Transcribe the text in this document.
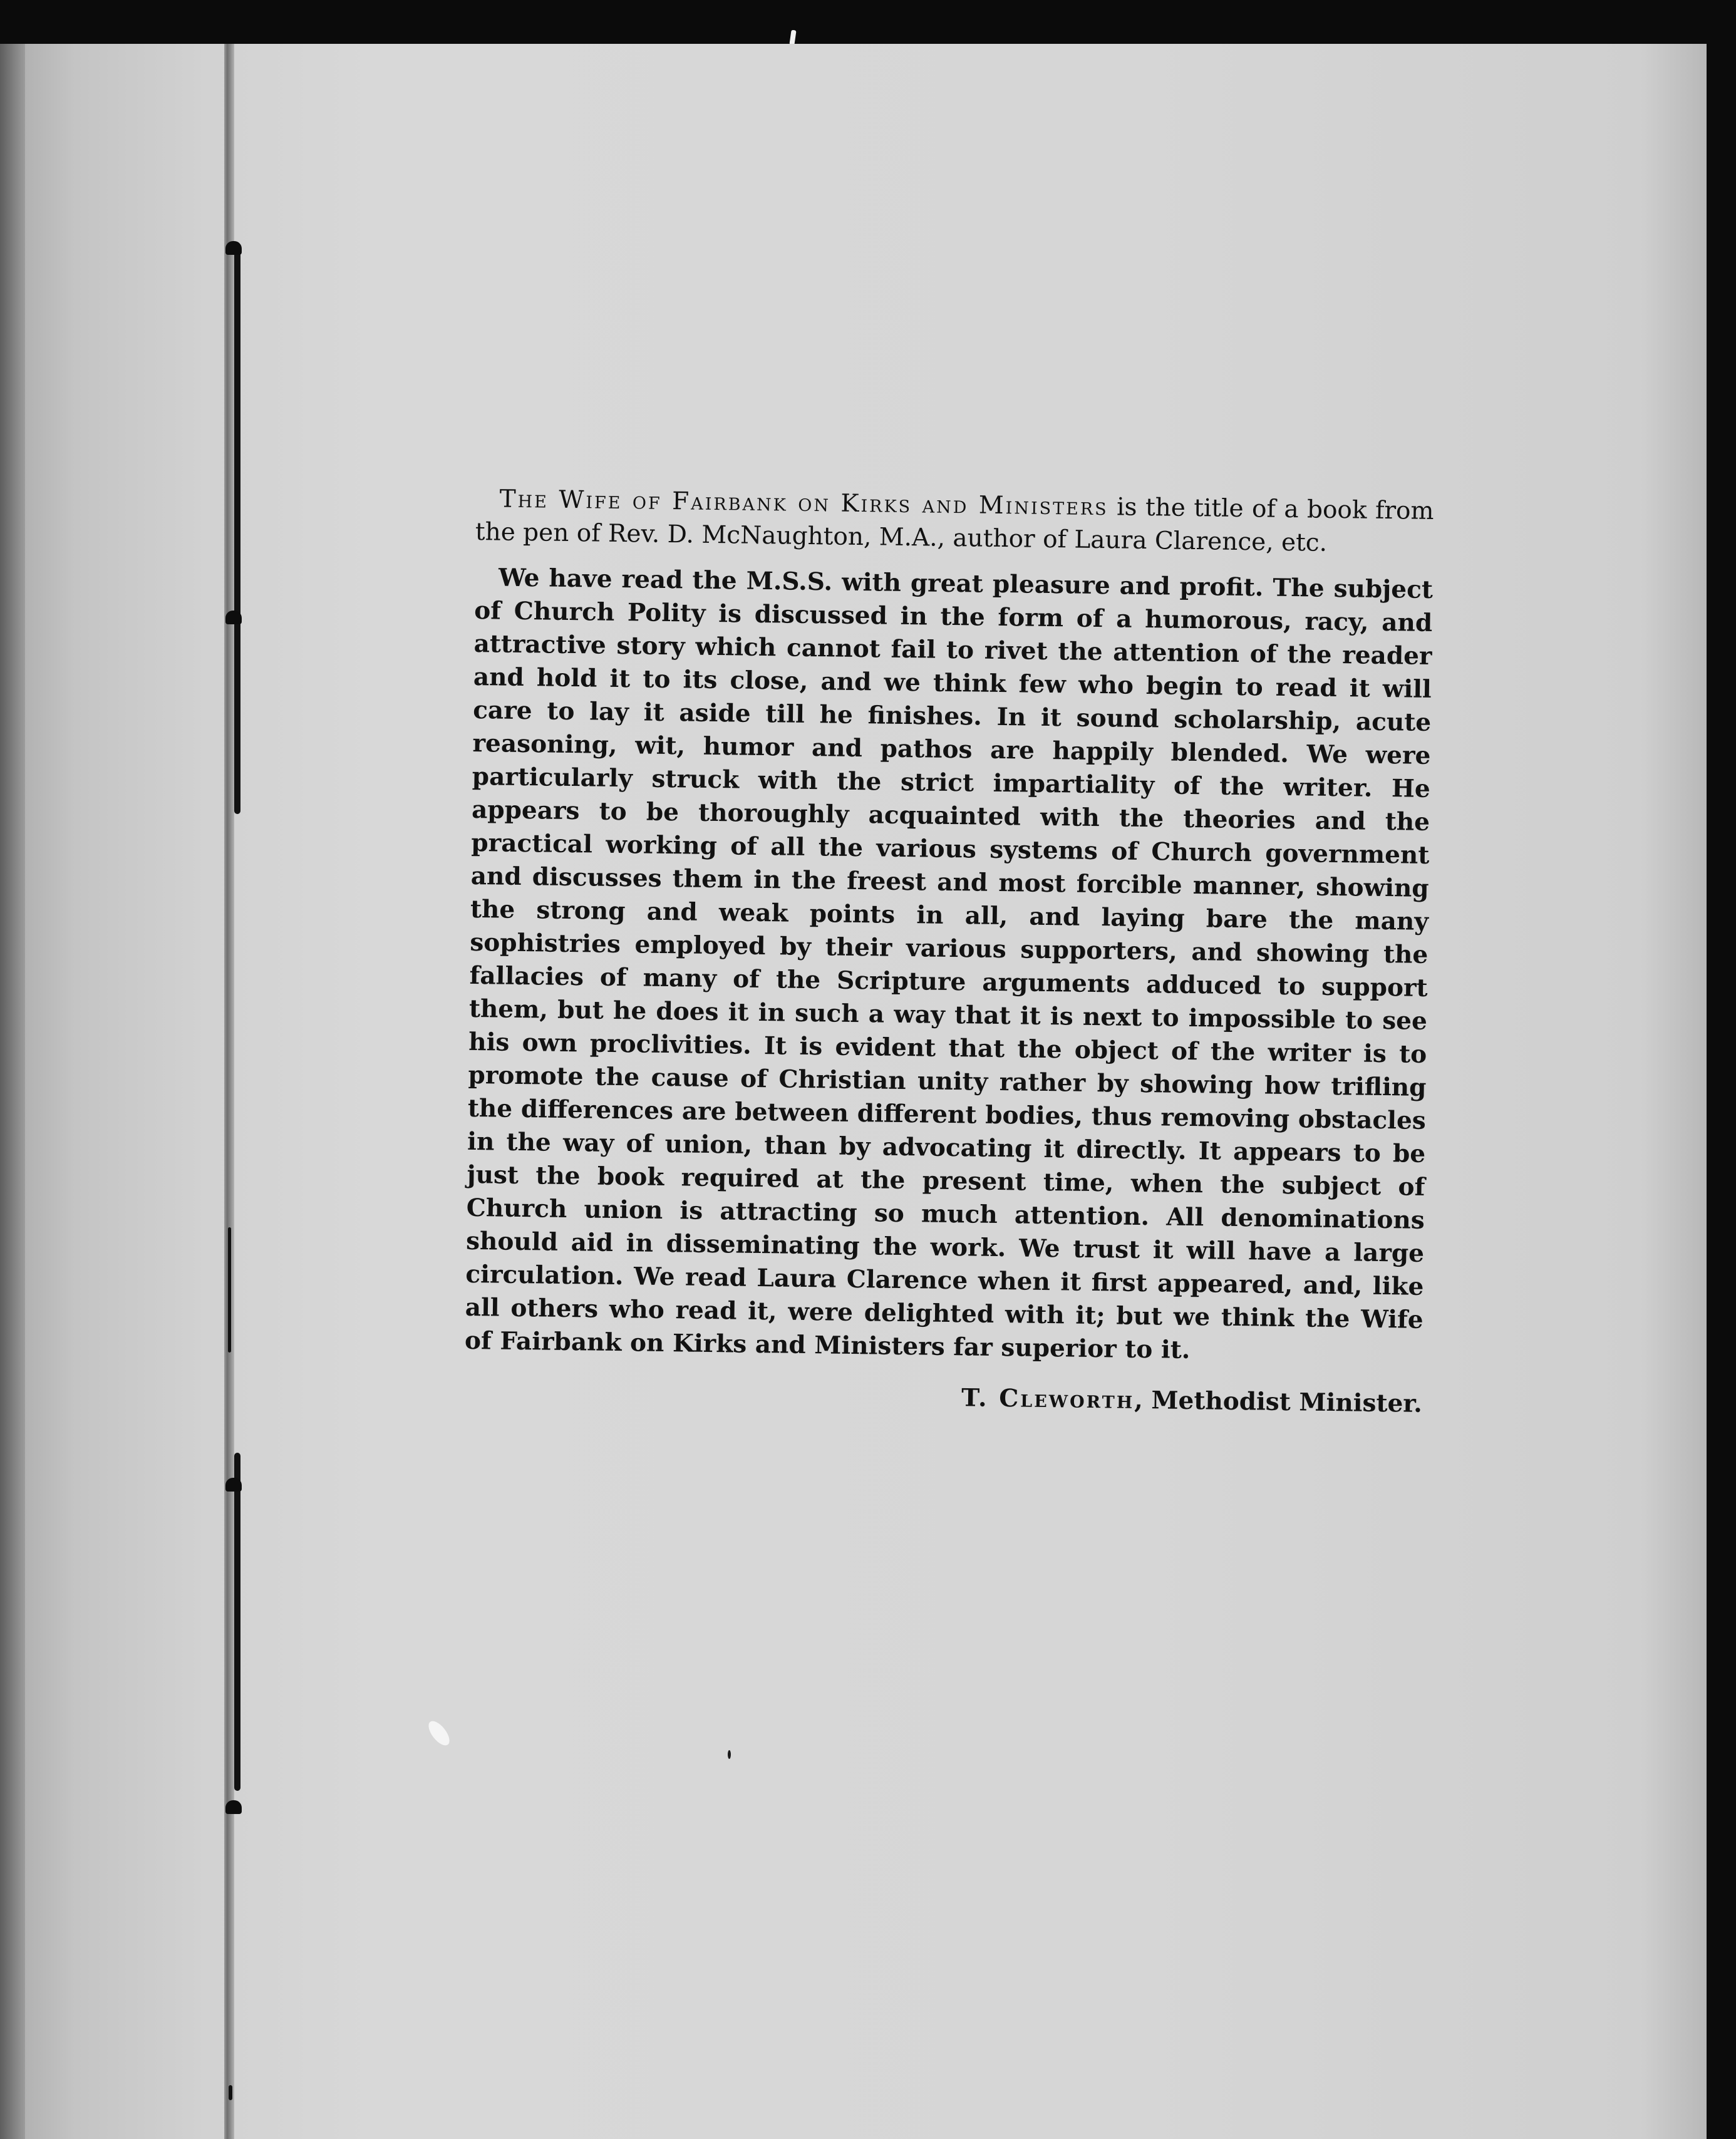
The Wife of Fairbank on Kirks and Ministers is the title of a book from the pen of Rev. D. McNaughton, M.A., author of Laura Clarence, etc.

We have read the M.S.S. with great pleasure and profit. The subject of Church Polity is discussed in the form of a humorous, racy, and attractive story which cannot fail to rivet the attention of the reader and hold it to its close, and we think few who begin to read it will care to lay it aside till he finishes. In it sound scholarship, acute reasoning, wit, humor and pathos are happily blended. We were particularly struck with the strict impartiality of the writer. He appears to be thoroughly acquainted with the theories and the practical working of all the various systems of Church government and discusses them in the freest and most forcible manner, showing the strong and weak points in all, and laying bare the many sophistries employed by their various supporters, and showing the fallacies of many of the Scripture arguments adduced to support them, but he does it in such a way that it is next to impossible to see his own proclivities. It is evident that the object of the writer is to promote the cause of Christian unity rather by showing how trifling the differences are between different bodies, thus removing obstacles in the way of union, than by advocating it directly. It appears to be just the book required at the present time, when the subject of Church union is attracting so much attention. All denominations should aid in disseminating the work. We trust it will have a large circulation. We read Laura Clarence when it first appeared, and, like all others who read it, were delighted with it; but we think the Wife of Fairbank on Kirks and Ministers far superior to it.

T. Cleworth, Methodist Minister.
